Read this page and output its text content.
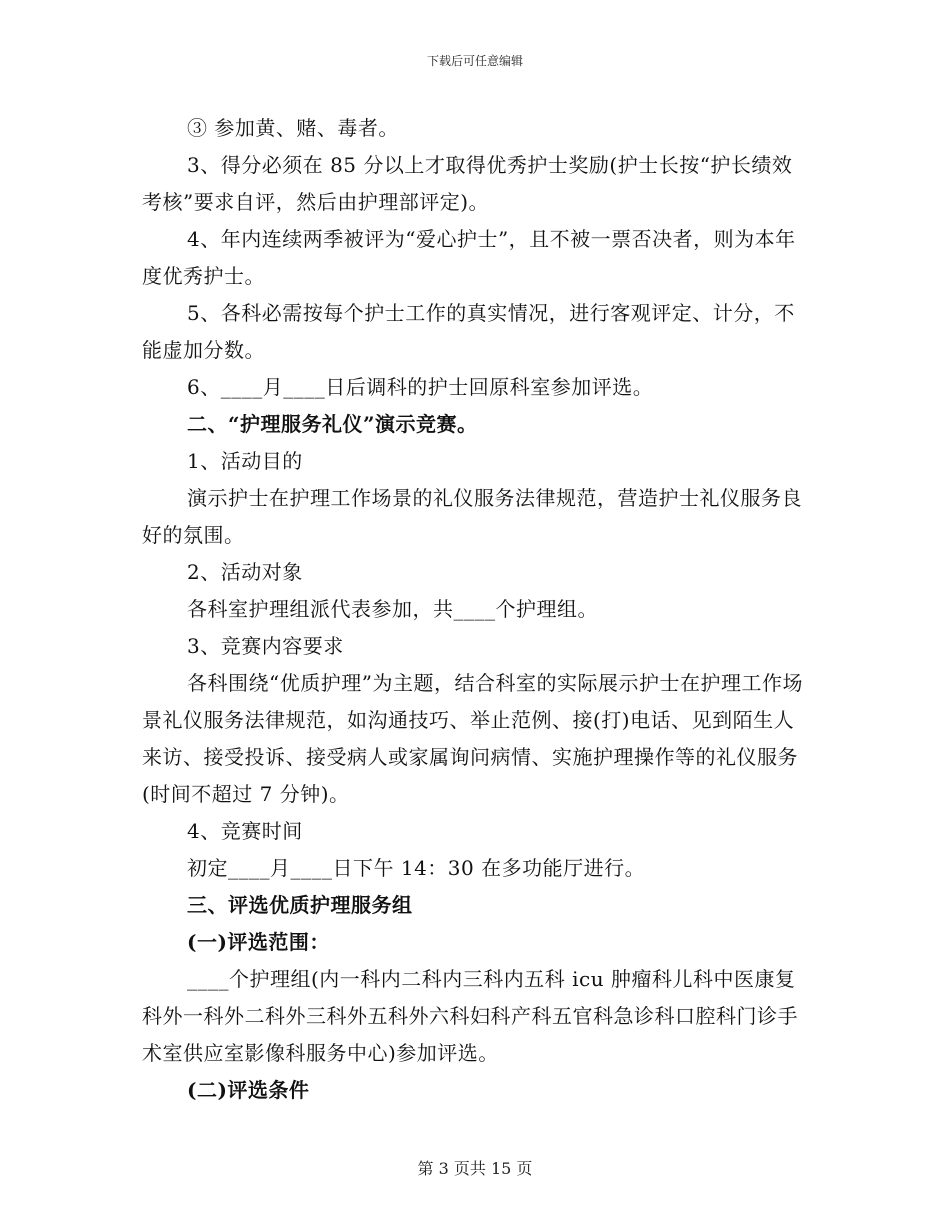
下载后可任意编辑

③ 参加黄、赌、毒者。

3、得分必须在 85 分以上才取得优秀护士奖励(护士长按“护长绩效考核”要求自评，然后由护理部评定)。

4、年内连续两季被评为“爱心护士”，且不被一票否决者，则为本年度优秀护士。

5、各科必需按每个护士工作的真实情况，进行客观评定、计分，不能虚加分数。

6、____月____日后调科的护士回原科室参加评选。

二、“护理服务礼仪”演示竞赛。

1、活动目的

演示护士在护理工作场景的礼仪服务法律规范，营造护士礼仪服务良好的氛围。

2、活动对象

各科室护理组派代表参加，共____个护理组。

3、竞赛内容要求

各科围绕“优质护理”为主题，结合科室的实际展示护士在护理工作场景礼仪服务法律规范，如沟通技巧、举止范例、接(打)电话、见到陌生人来访、接受投诉、接受病人或家属询问病情、实施护理操作等的礼仪服务(时间不超过 7 分钟)。

4、竞赛时间

初定____月____日下午 14：30 在多功能厅进行。

三、评选优质护理服务组

(一)评选范围：

____个护理组(内一科内二科内三科内五科 icu 肿瘤科儿科中医康复科外一科外二科外三科外五科外六科妇科产科五官科急诊科口腔科门诊手术室供应室影像科服务中心)参加评选。

(二)评选条件

第 3 页共 15 页
